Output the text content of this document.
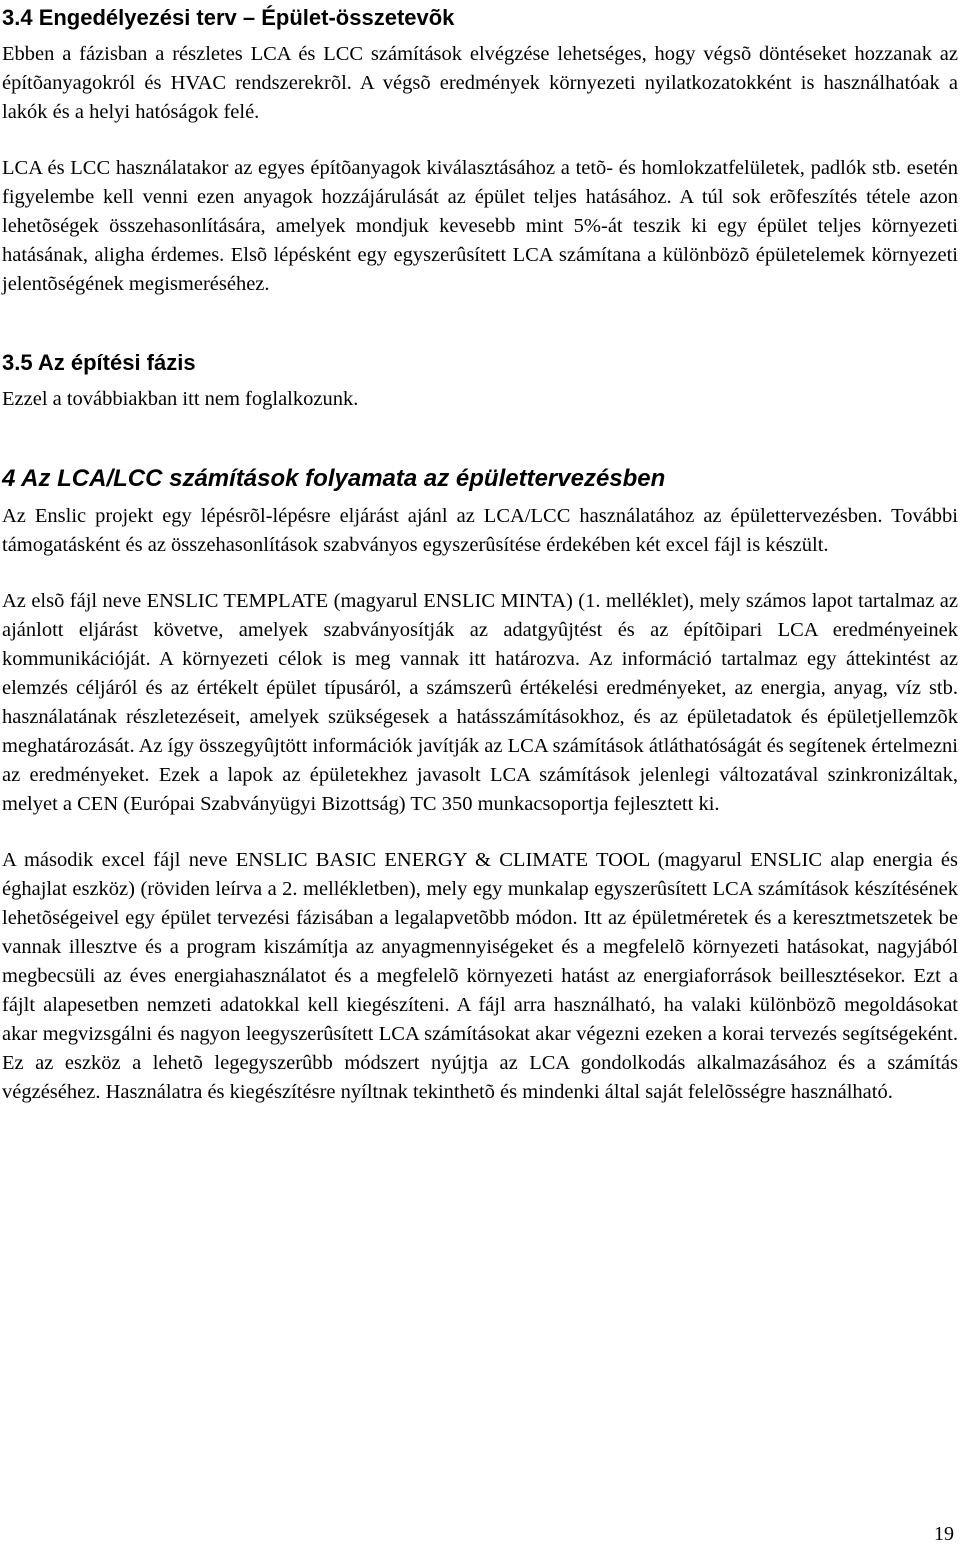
3.4 Engedélyezési terv – Épület-összetevõk

Ebben a fázisban a részletes LCA és LCC számítások elvégzése lehetséges, hogy végsõ döntéseket hozzanak az építõanyagokról és HVAC rendszerekrõl. A végsõ eredmények környezeti nyilatkozatokként is használhatóak a lakók és a helyi hatóságok felé.

LCA és LCC használatakor az egyes építõanyagok kiválasztásához a tetõ- és homlokzatfelületek, padlók stb. esetén figyelembe kell venni ezen anyagok hozzájárulását az épület teljes hatásához. A túl sok erõfeszítés tétele azon lehetõségek összehasonlítására, amelyek mondjuk kevesebb mint 5%-át teszik ki egy épület teljes környezeti hatásának, aligha érdemes. Elsõ lépésként egy egyszerûsített LCA számítana a különbözõ épületelemek környezeti jelentõségének megismeréséhez.

3.5 Az építési fázis

Ezzel a továbbiakban itt nem foglalkozunk.

4 Az LCA/LCC számítások folyamata az épülettervezésben

Az Enslic projekt egy lépésrõl-lépésre eljárást ajánl az LCA/LCC használatához az épülettervezésben. További támogatásként és az összehasonlítások szabványos egyszerûsítése érdekében két excel fájl is készült.

Az elsõ fájl neve ENSLIC TEMPLATE (magyarul ENSLIC MINTA) (1. melléklet), mely számos lapot tartalmaz az ajánlott eljárást követve, amelyek szabványosítják az adatgyûjtést és az építõipari LCA eredményeinek kommunikációját. A környezeti célok is meg vannak itt határozva. Az információ tartalmaz egy áttekintést az elemzés céljáról és az értékelt épület típusáról, a számszerû értékelési eredményeket, az energia, anyag, víz stb. használatának részletezéseit, amelyek szükségesek a hatásszámításokhoz, és az épületadatok és épületjellemzõk meghatározását. Az így összegyûjtött információk javítják az LCA számítások átláthatóságát és segítenek értelmezni az eredményeket. Ezek a lapok az épületekhez javasolt LCA számítások jelenlegi változatával szinkronizáltak, melyet a CEN (Európai Szabványügyi Bizottság) TC 350 munkacsoportja fejlesztett ki.

A második excel fájl neve ENSLIC BASIC ENERGY & CLIMATE TOOL (magyarul ENSLIC alap energia és éghajlat eszköz) (röviden leírva a 2. mellékletben), mely egy munkalap egyszerûsített LCA számítások készítésének lehetõségeivel egy épület tervezési fázisában a legalapvetõbb módon. Itt az épületméretek és a keresztmetszetek be vannak illesztve és a program kiszámítja az anyagmennyiségeket és a megfelelõ környezeti hatásokat, nagyjából megbecsüli az éves energiahasználatot és a megfelelõ környezeti hatást az energiaforrások beillesztésekor. Ezt a fájlt alapesetben nemzeti adatokkal kell kiegészíteni. A fájl arra használható, ha valaki különbözõ megoldásokat akar megvizsgálni és nagyon leegyszerûsített LCA számításokat akar végezni ezeken a korai tervezés segítségeként. Ez az eszköz a lehetõ legegyszerûbb módszert nyújtja az LCA gondolkodás alkalmazásához és a számítás végzéséhez. Használatra és kiegészítésre nyíltnak tekinthetõ és mindenki által saját felelõsségre használható.

19
